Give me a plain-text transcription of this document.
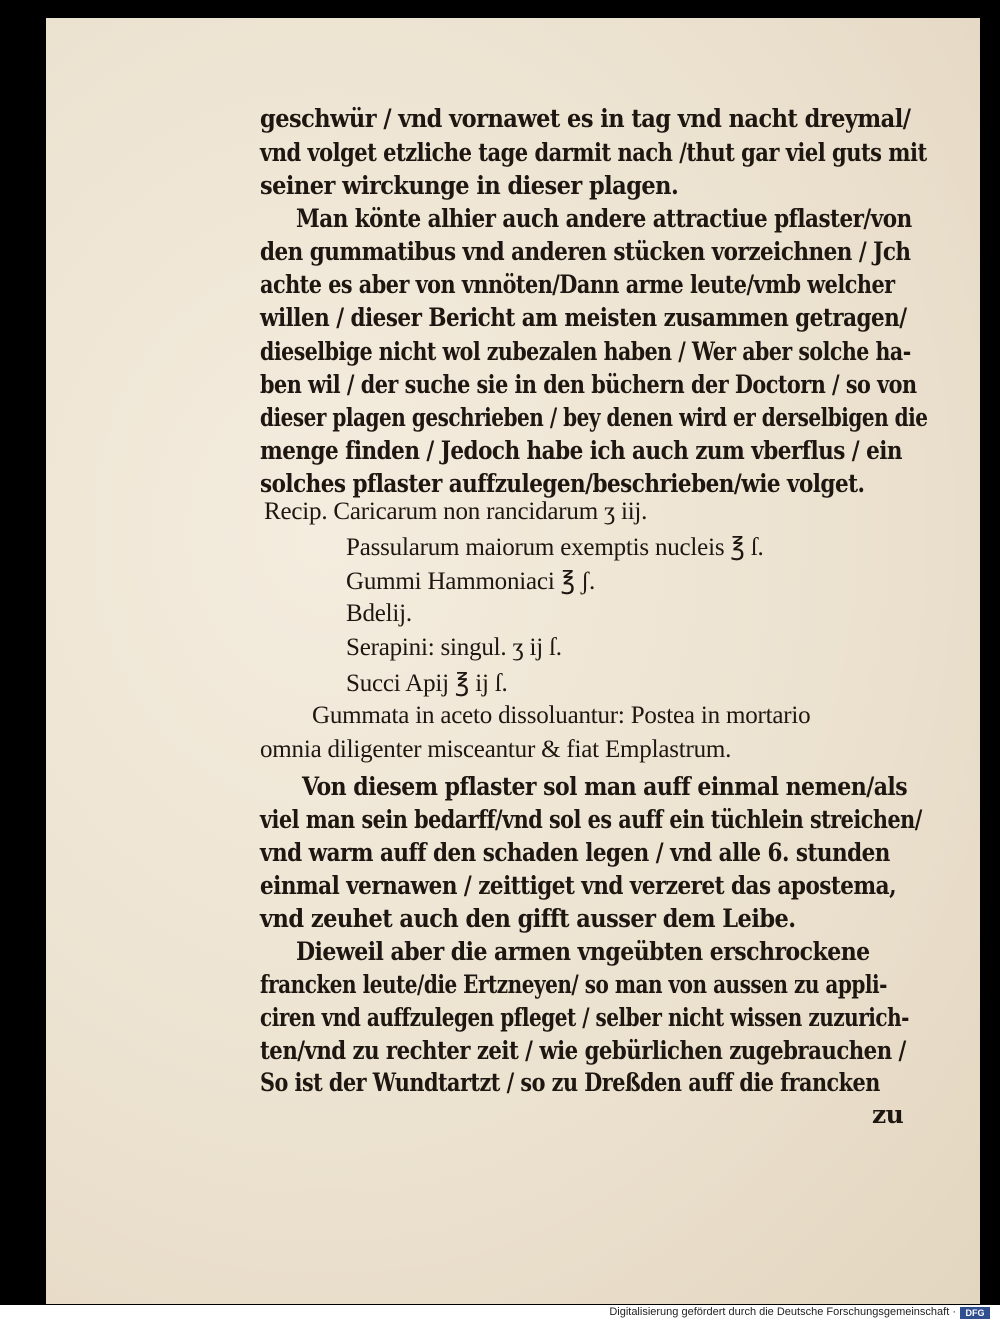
geschwür / vnd vornawet es in tag vnd nacht dreymal/
vnd volget etzliche tage darmit nach /thut gar viel guts mit
seiner wirckunge in dieser plagen.
Man könte alhier auch andere attractiue pflaster/von
den gummatibus vnd anderen stücken vorzeichnen / Jch
achte es aber von vnnöten/Dann arme leute/vmb welcher
willen / dieser Bericht am meisten zusammen getragen/
dieselbige nicht wol zubezalen haben / Wer aber solche ha-
ben wil / der suche sie in den büchern der Doctorn / so von
dieser plagen geschrieben / bey denen wird er derselbigen die
menge finden / Jedoch habe ich auch zum vberflus / ein
solches pflaster auffzulegen/beschrieben/wie volget.
Recip. Caricarum non rancidarum ʒ iij.
Passularum maiorum exemptis nucleis ℥ ſ.
Gummi Hammoniaci ℥ ʃ.
Bdelij.
Serapini: singul. ʒ ij ſ.
Succi Apij ℥ ij ſ.
Gummata in aceto dissoluantur: Postea in mortario
omnia diligenter misceantur & fiat Emplastrum.
Von diesem pflaster sol man auff einmal nemen/als
viel man sein bedarff/vnd sol es auff ein tüchlein streichen/
vnd warm auff den schaden legen / vnd alle 6. stunden
einmal vernawen / zeittiget vnd verzeret das apostema,
vnd zeuhet auch den gifft ausser dem Leibe.
Dieweil aber die armen vngeübten erschrockene
francken leute/die Ertzneyen/ so man von aussen zu appli-
ciren vnd auffzulegen pfleget / selber nicht wissen zuzurich-
ten/vnd zu rechter zeit / wie gebürlichen zugebrauchen /
So ist der Wundtartzt / so zu Dreßden auff die francken
zu
Digitalisierung gefördert durch die Deutsche Forschungsgemeinschaft ·	DFG
